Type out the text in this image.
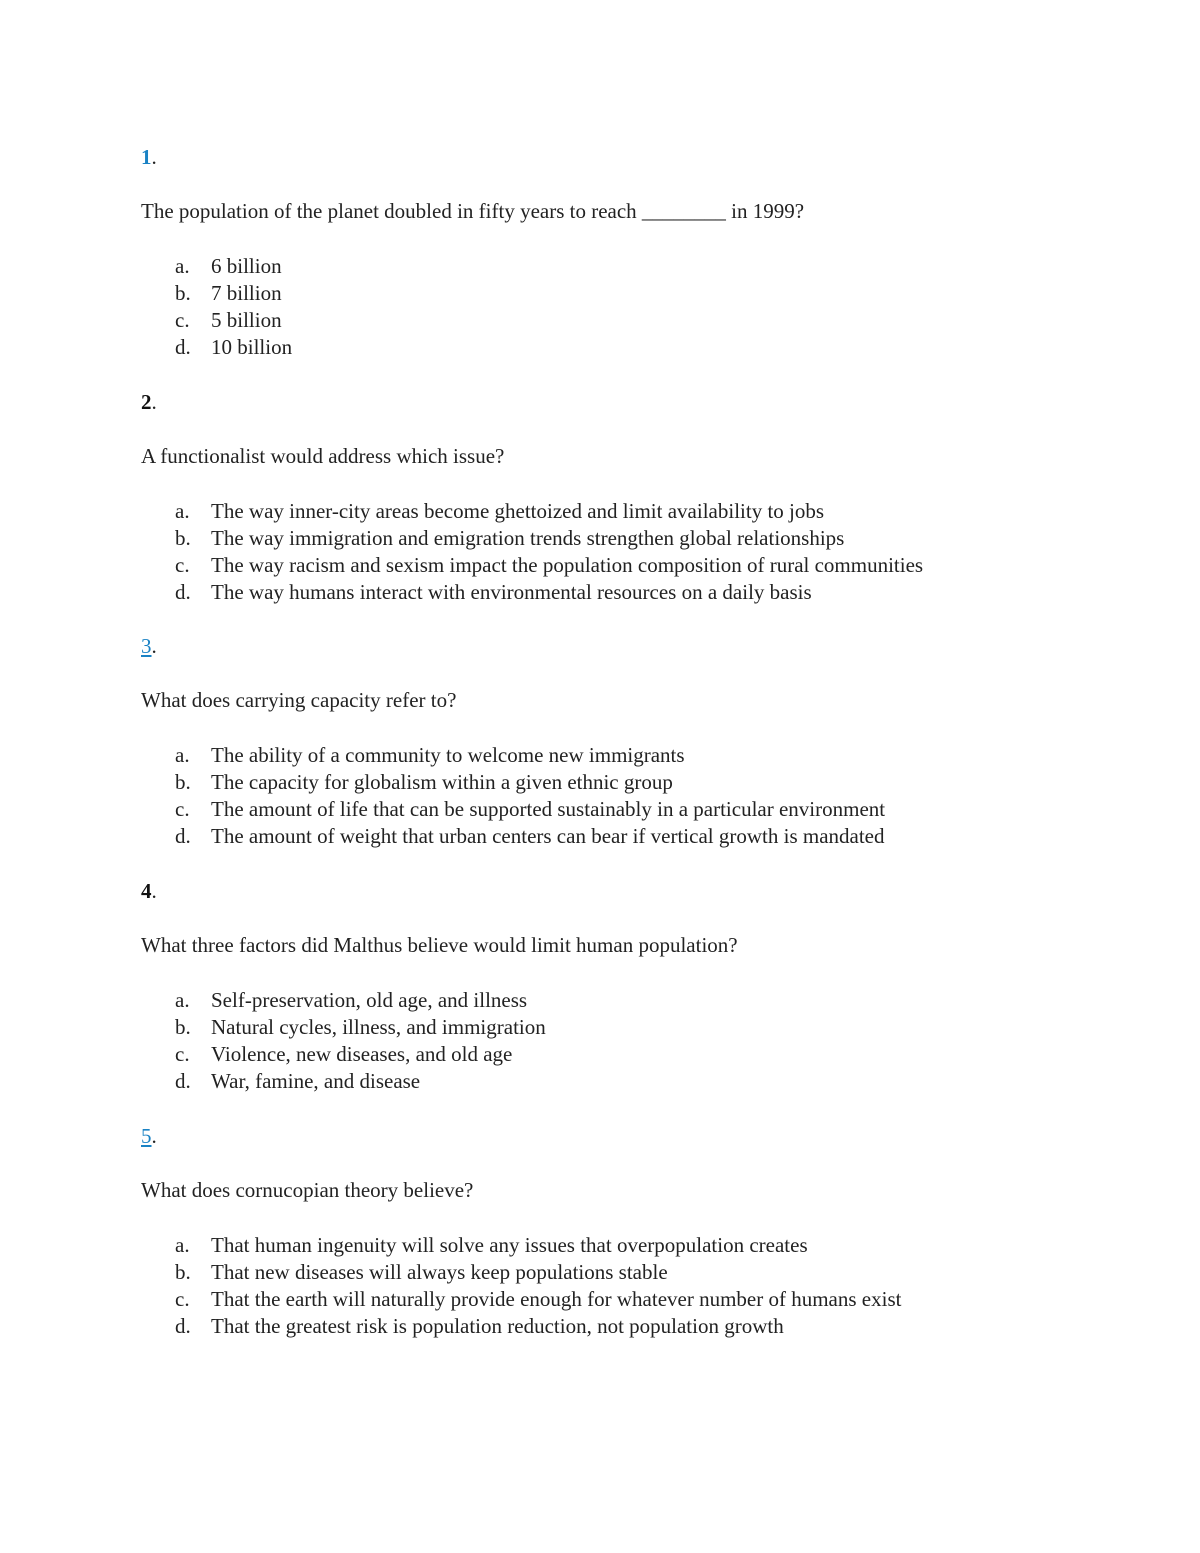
1.
The population of the planet doubled in fifty years to reach ________ in 1999?
a. 6 billion
b. 7 billion
c. 5 billion
d. 10 billion
2.
A functionalist would address which issue?
a. The way inner-city areas become ghettoized and limit availability to jobs
b. The way immigration and emigration trends strengthen global relationships
c. The way racism and sexism impact the population composition of rural communities
d. The way humans interact with environmental resources on a daily basis
3.
What does carrying capacity refer to?
a. The ability of a community to welcome new immigrants
b. The capacity for globalism within a given ethnic group
c. The amount of life that can be supported sustainably in a particular environment
d. The amount of weight that urban centers can bear if vertical growth is mandated
4.
What three factors did Malthus believe would limit human population?
a. Self-preservation, old age, and illness
b. Natural cycles, illness, and immigration
c. Violence, new diseases, and old age
d. War, famine, and disease
5.
What does cornucopian theory believe?
a. That human ingenuity will solve any issues that overpopulation creates
b. That new diseases will always keep populations stable
c. That the earth will naturally provide enough for whatever number of humans exist
d. That the greatest risk is population reduction, not population growth
